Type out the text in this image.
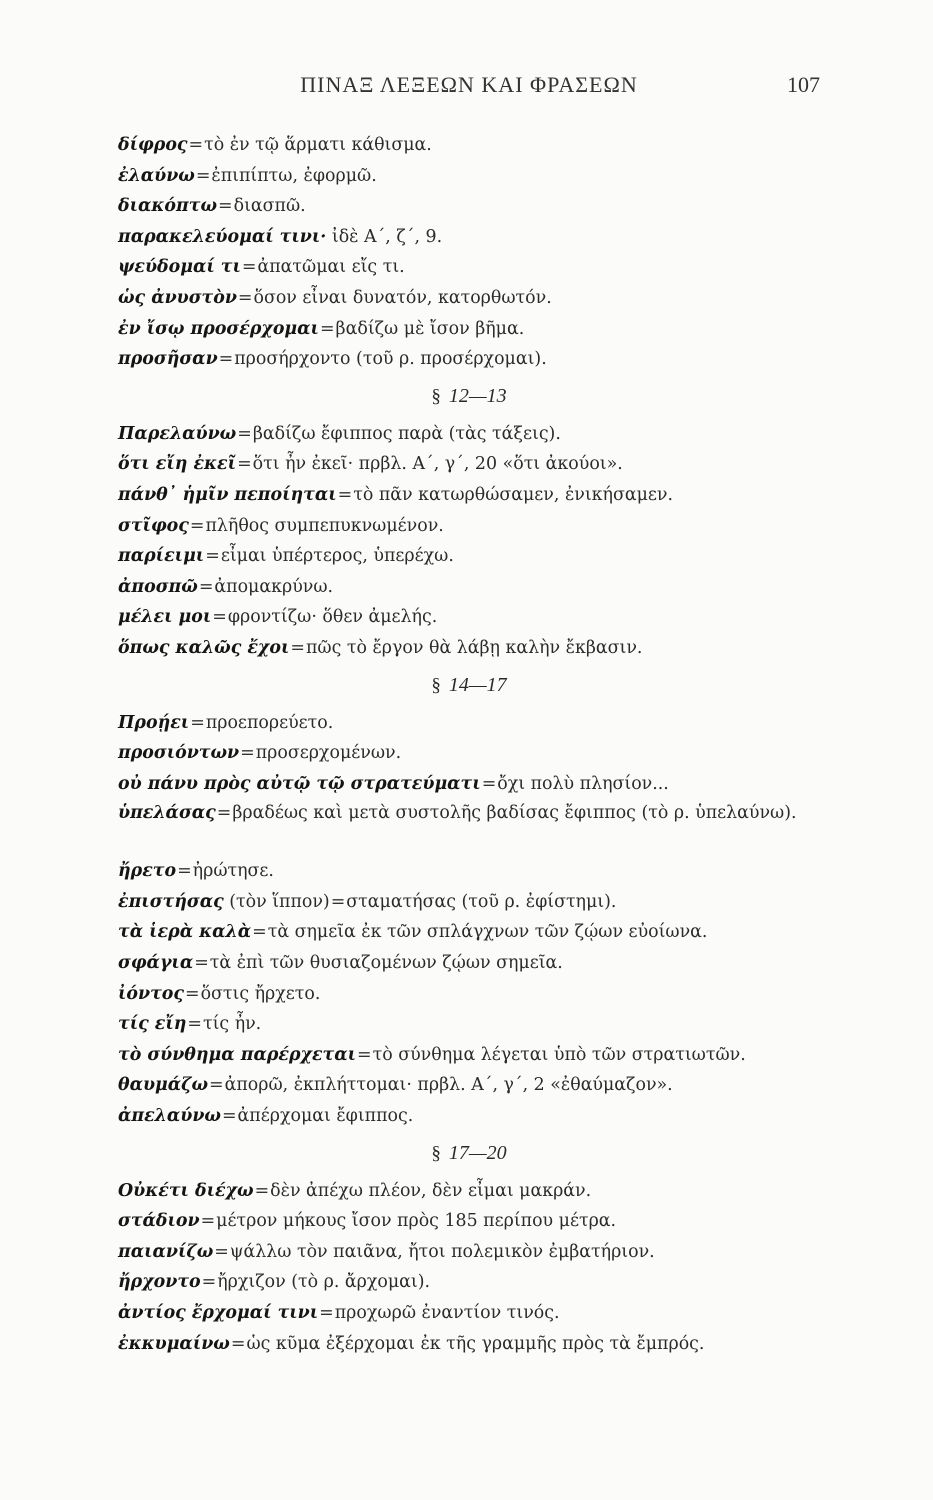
ΠΙΝΑΞ ΛΕΞΕΩΝ ΚΑΙ ΦΡΑΣΕΩΝ	107
δίφρος=τὸ ἐν τῷ ἅρματι κάθισμα.
ἐλαύνω=ἐπιπίπτω, ἐφορμῶ.
διακόπτω=διασπῶ.
παρακελεύομαί τινι· ἰδὲ Α΄, ζ΄, 9.
ψεύδομαί τι=ἀπατῶμαι εἴς τι.
ὡς ἀνυστὸν=ὅσον εἶναι δυνατόν, κατορθωτόν.
ἐν ἴσῳ προσέρχομαι=βαδίζω μὲ ἴσον βῆμα.
προσῆσαν=προσήρχοντο (τοῦ ρ. προσέρχομαι).
§ 12—13
Παρελαύνω=βαδίζω ἔφιππος παρὰ (τὰς τάξεις).
ὅτι εἴη ἐκεῖ=ὅτι ἦν ἐκεῖ· πρβλ. Α΄, γ΄, 20 «ὅτι ἀκούοι».
πάνθ᾽ ἡμῖν πεποίηται=τὸ πᾶν κατωρθώσαμεν, ἐνικήσαμεν.
στῖφος=πλῆθος συμπεπυκνωμένον.
παρίειμι=εἶμαι ὑπέρτερος, ὑπερέχω.
ἀποσπῶ=ἀπομακρύνω.
μέλει μοι=φροντίζω· ὅθεν ἀμελής.
ὅπως καλῶς ἔχοι=πῶς τὸ ἔργον θὰ λάβῃ καλὴν ἔκβασιν.
§ 14—17
Προῄει=προεπορεύετο.
προσιόντων=προσερχομένων.
οὐ πάνυ πρὸς αὐτῷ τῷ στρατεύματι=ὄχι πολὺ πλησίον...
ὑπελάσας=βραδέως καὶ μετὰ συστολῆς βαδίσας ἔφιππος (τὸ ρ. ὑπελαύνω).
ἤρετο=ἠρώτησε.
ἐπιστήσας (τὸν ἵππον)=σταματήσας (τοῦ ρ. ἐφίστημι).
τὰ ἱερὰ καλὰ=τὰ σημεῖα ἐκ τῶν σπλάγχνων τῶν ζῴων εὐοίωνα.
σφάγια=τὰ ἐπὶ τῶν θυσιαζομένων ζῴων σημεῖα.
ἰόντος=ὅστις ἤρχετο.
τίς εἴη=τίς ἦν.
τὸ σύνθημα παρέρχεται=τὸ σύνθημα λέγεται ὑπὸ τῶν στρατιωτῶν.
θαυμάζω=ἀπορῶ, ἐκπλήττομαι· πρβλ. Α΄, γ΄, 2 «ἐθαύμαζον».
ἀπελαύνω=ἀπέρχομαι ἔφιππος.
§ 17—20
Οὐκέτι διέχω=δὲν ἀπέχω πλέον, δὲν εἶμαι μακράν.
στάδιον=μέτρον μήκους ἴσον πρὸς 185 περίπου μέτρα.
παιανίζω=ψάλλω τὸν παιᾶνα, ἤτοι πολεμικὸν ἐμβατήριον.
ἤρχοντο=ἤρχιζον (τὸ ρ. ἄρχομαι).
ἀντίος ἔρχομαί τινι=προχωρῶ ἐναντίον τινός.
ἐκκυμαίνω=ὡς κῦμα ἐξέρχομαι ἐκ τῆς γραμμῆς πρὸς τὰ ἔμπρός.
